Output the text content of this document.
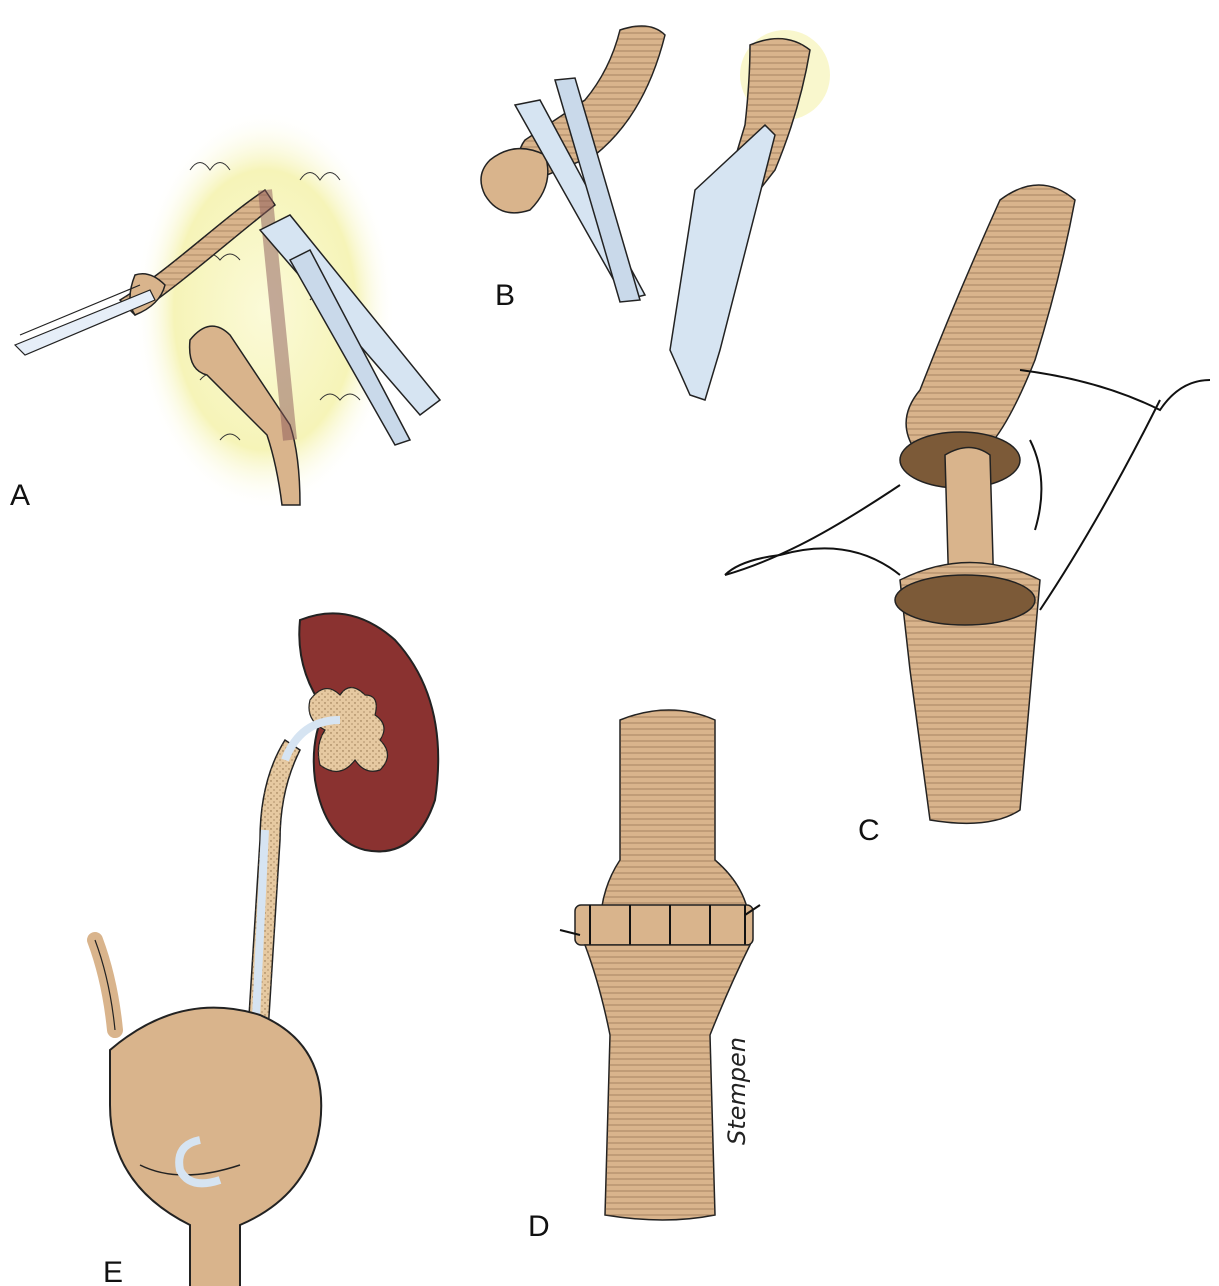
A
B
C
D
Stempen
E
